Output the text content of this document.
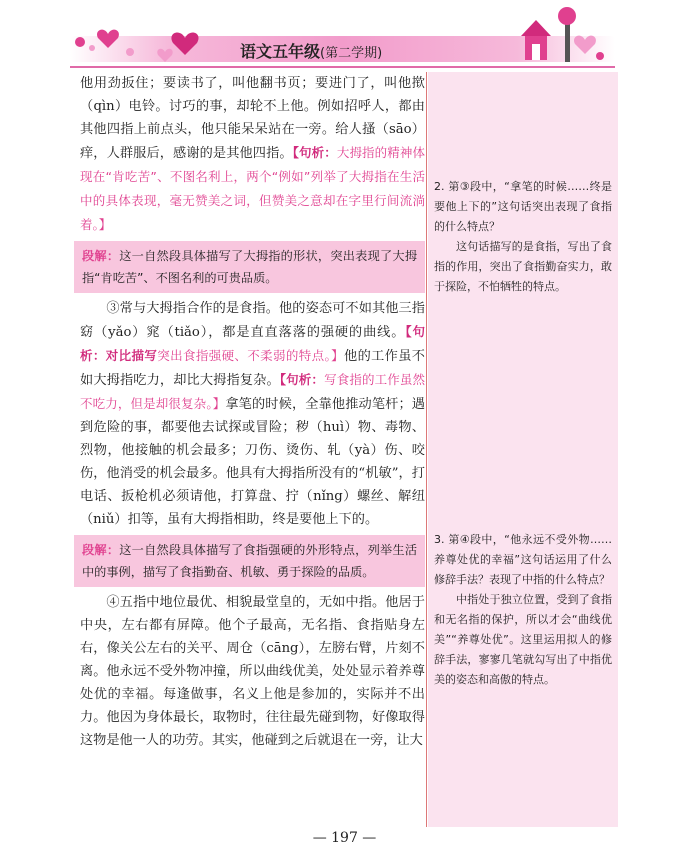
语文五年级(第二学期)

他用劲扳住；要读书了，叫他翻书页；要进门了，叫他揿（qìn）电铃。讨巧的事，却轮不上他。例如招呼人，都由其他四指上前点头，他只能呆呆站在一旁。给人搔（sāo）痒，人群服后，感谢的是其他四指。【句析：大拇指的精神体现在“肯吃苦”、不图名利上，两个“例如”列举了大拇指在生活中的具体表现，毫无赞美之词，但赞美之意却在字里行间流淌着。】

段解：这一自然段具体描写了大拇指的形状，突出表现了大拇指“肯吃苦”、不图名利的可贵品质。

③常与大拇指合作的是食指。他的姿态可不如其他三指窈（yǎo）窕（tiǎo），都是直直落落的强硬的曲线。【句析：对比描写突出食指强硬、不柔弱的特点。】他的工作虽不如大拇指吃力，却比大拇指复杂。【句析：写食指的工作虽然不吃力，但是却很复杂。】拿笔的时候，全靠他推动笔杆；遇到危险的事，都要他去试探或冒险；秽（huì）物、毒物、烈物，他接触的机会最多；刀伤、烫伤、轧（yà）伤、咬伤，他消受的机会最多。他具有大拇指所没有的“机敏”，打电话、扳枪机必须请他，打算盘、拧（nǐng）螺丝、解纽（niǔ）扣等，虽有大拇指相助，终是要他上下的。

段解：这一自然段具体描写了食指强硬的外形特点，列举生活中的事例，描写了食指勤奋、机敏、勇于探险的品质。

④五指中地位最优、相貌最堂皇的，无如中指。他居于中央，左右都有屏障。他个子最高，无名指、食指贴身左右，像关公左右的关平、周仓（cāng），左膀右臂，片刻不离。他永远不受外物冲撞，所以曲线优美，处处显示着养尊处优的幸福。每逢做事，名义上他是参加的，实际并不出力。他因为身体最长，取物时，往往最先碰到物，好像取得这物是他一人的功劳。其实，他碰到之后就退在一旁，让大

2. 第③段中，“拿笔的时候……终是要他上下的”这句话突出表现了食指的什么特点？

这句话描写的是食指，写出了食指的作用，突出了食指勤奋实力，敢于探险，不怕牺牲的特点。

3. 第④段中，“他永远不受外物……养尊处优的幸福”这句话运用了什么修辞手法？表现了中指的什么特点？

中指处于独立位置，受到了食指和无名指的保护，所以才会“曲线优美”“养尊处优”。这里运用拟人的修辞手法，寥寥几笔就勾写出了中指优美的姿态和高傲的特点。

— 197 —
